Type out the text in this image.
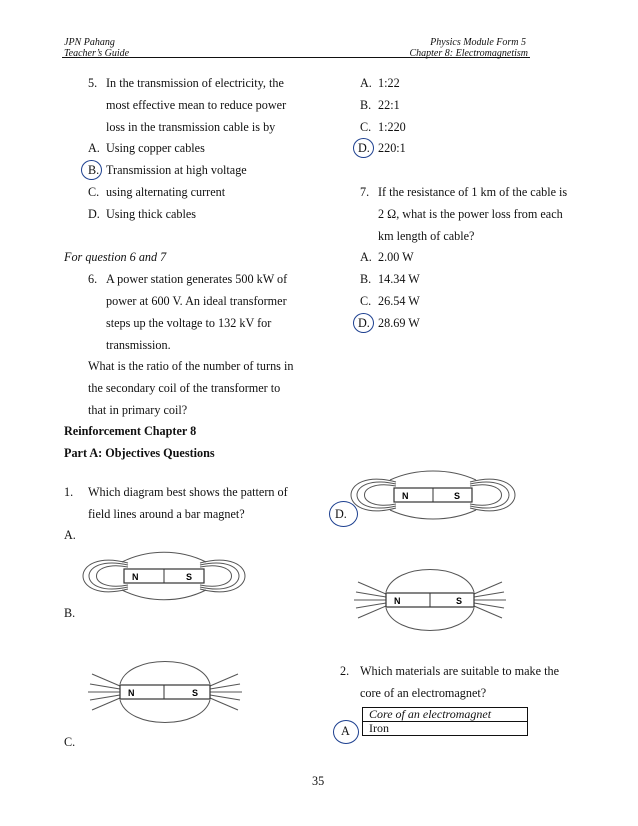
JPN Pahang
Teacher’s Guide
Physics Module Form 5
Chapter 8: Electromagnetism
5. In the transmission of electricity, the
most effective mean to reduce power
loss in the transmission cable is by
A. Using copper cables
B. Transmission at high voltage
C. using alternating current
D. Using thick cables
For question 6 and 7
6. A power station generates 500 kW of
power at 600 V. An ideal transformer
steps up the voltage to 132 kV for
transmission.
What is the ratio of the number of turns in
the secondary coil of the transformer to
that in primary coil?
A. 1:22
B. 22:1
C. 1:220
D. 220:1
7. If the resistance of 1 km of the cable is
2 Ω, what is the power loss from each
km length of cable?
A. 2.00 W
B. 14.34 W
C. 26.54 W
D. 28.69 W
Reinforcement Chapter 8
Part A: Objectives Questions
1. Which diagram best shows the pattern of
field lines around a bar magnet?
A.
B.
C.
D.
N	S
N	S
N	S
N	S
2. Which materials are suitable to make the
core of an electromagnet?
A
Core of an electromagnet
Iron
35
